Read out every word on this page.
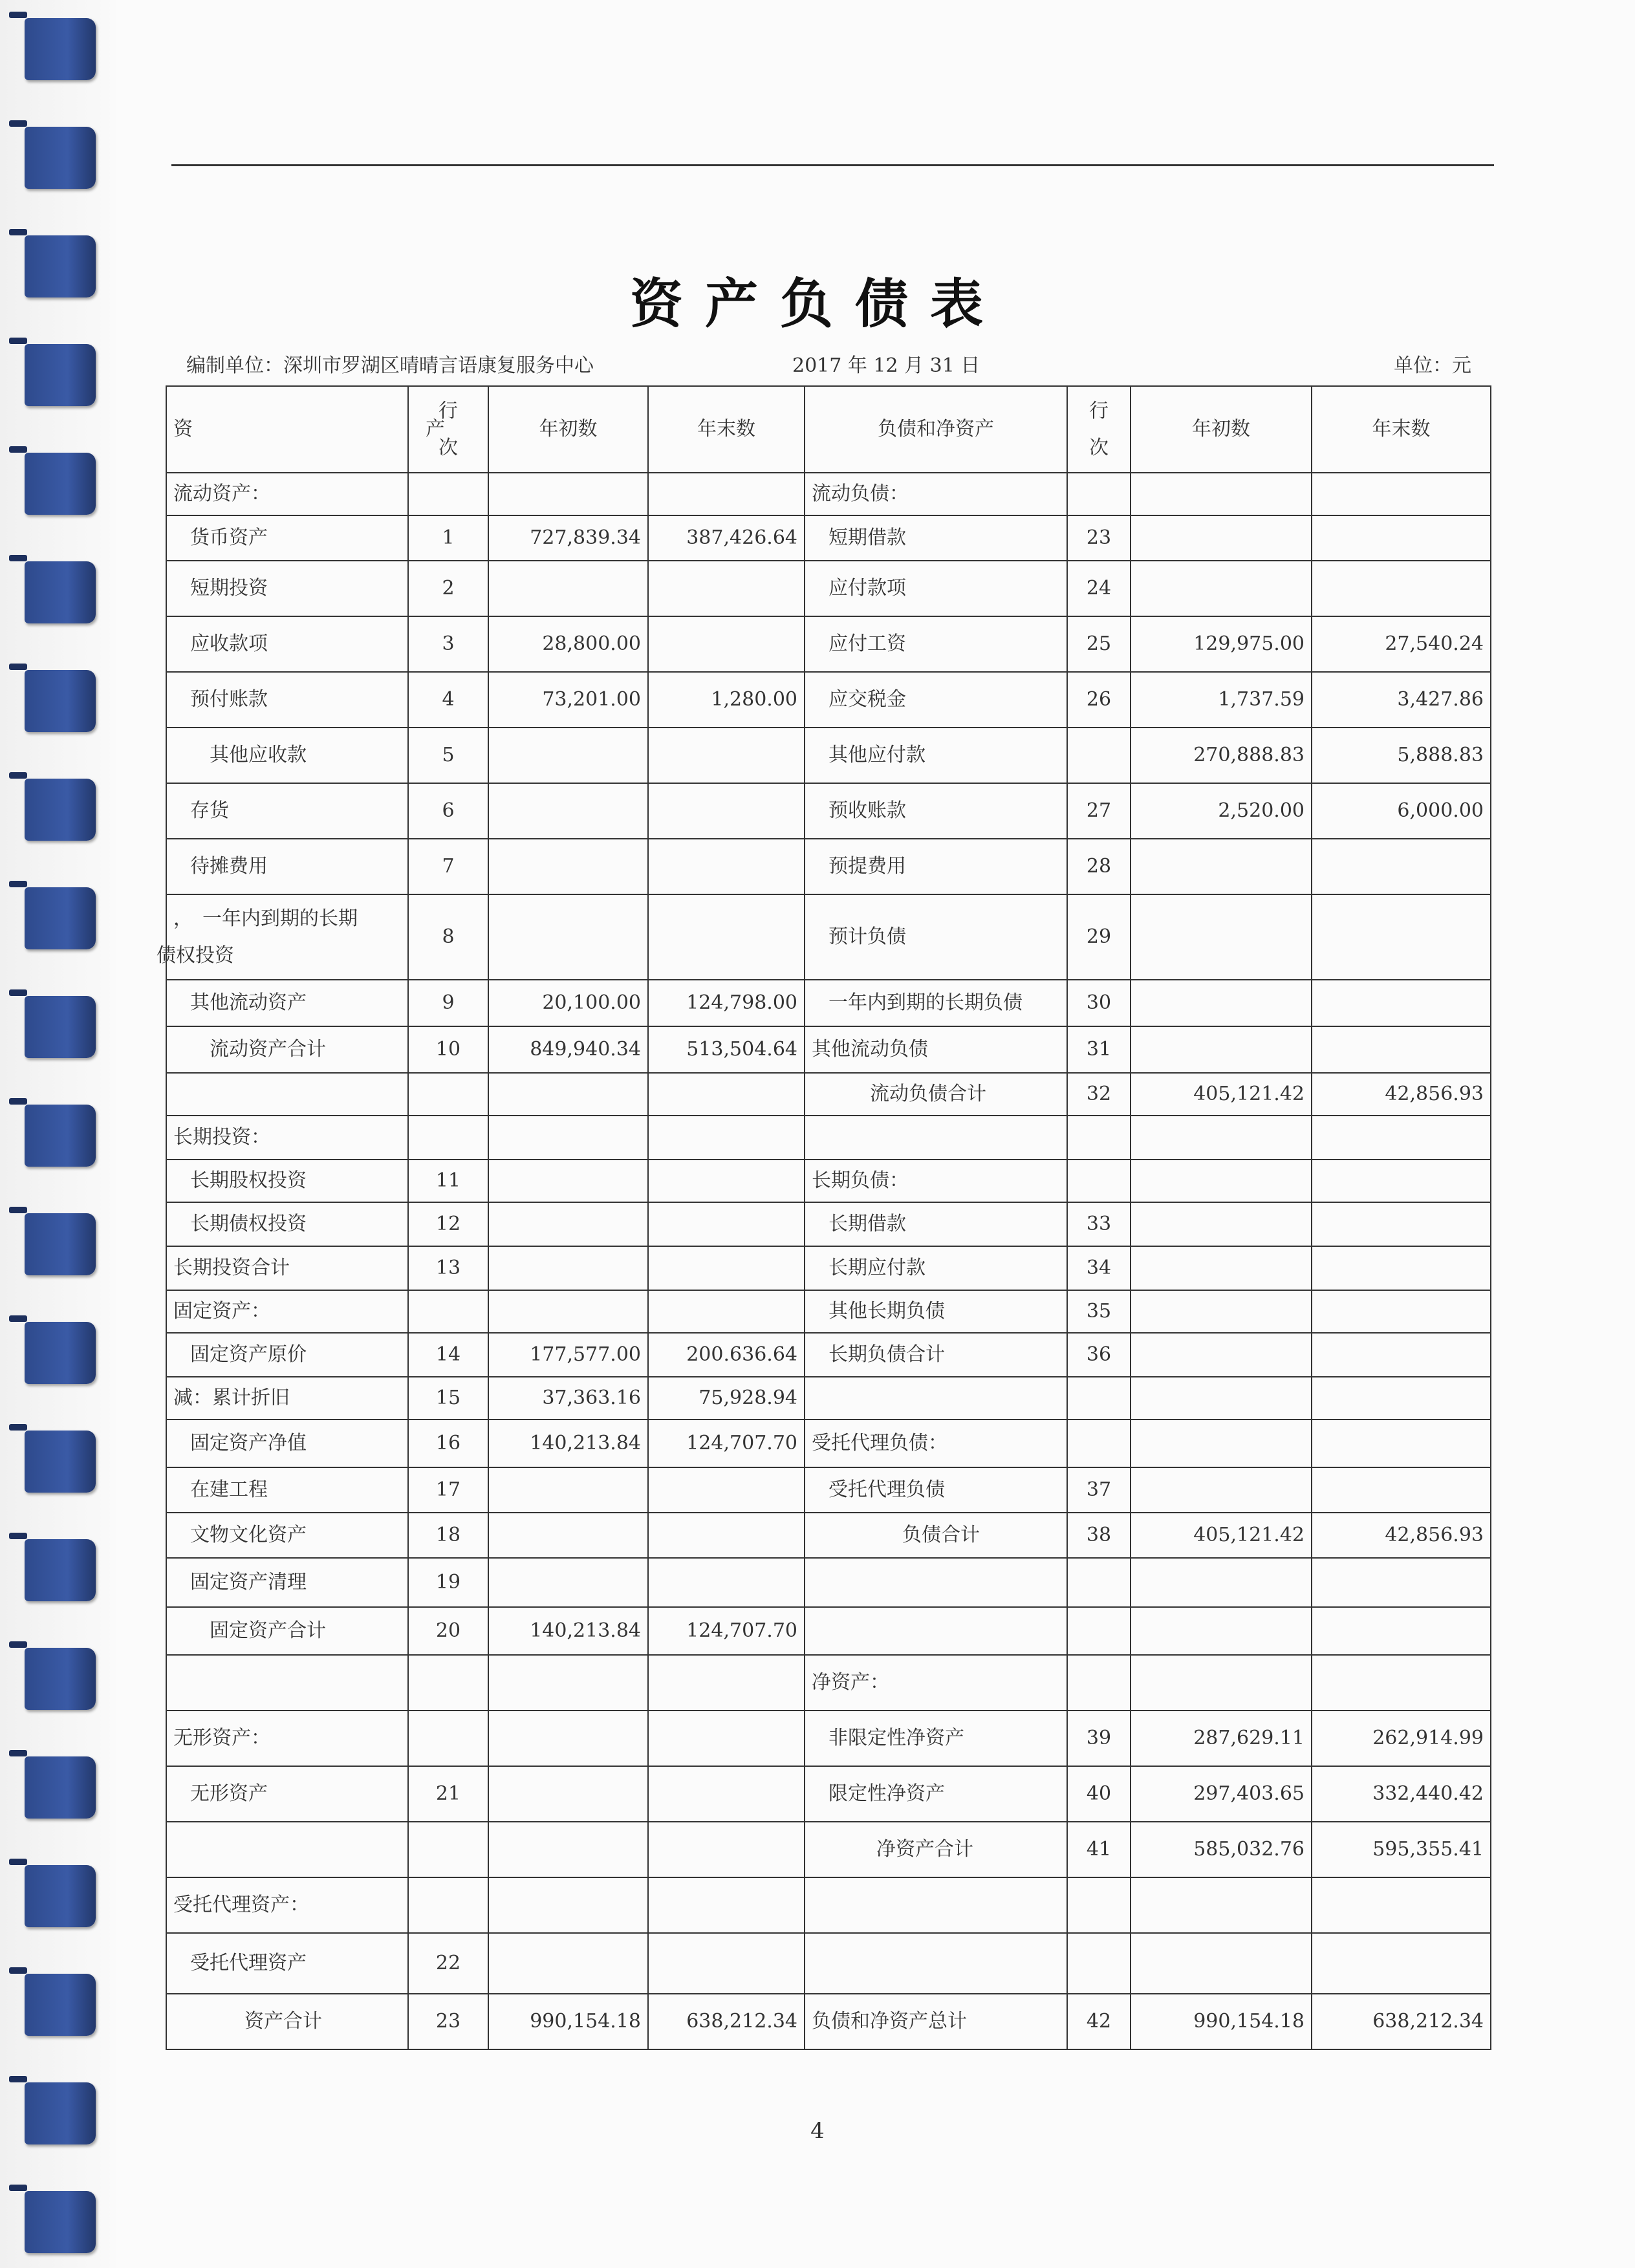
资产负债表
编制单位：深圳市罗湖区晴晴言语康复服务中心	2017 年 12 月 31 日	单位：元
资　　产	行次	年初数	年末数	负债和净资产	行次	年初数	年末数
流动资产：				流动负债：			
货币资产	1	727,839.34	387,426.64	短期借款	23		
短期投资	2			应付款项	24		
应收款项	3	28,800.00		应付工资	25	129,975.00	27,540.24
预付账款	4	73,201.00	1,280.00	应交税金	26	1,737.59	3,427.86
其他应收款	5			其他应付款		270,888.83	5,888.83
存货	6			预收账款	27	2,520.00	6,000.00
待摊费用	7			预提费用	28		

，　一年内到期的长期
债权投资	8			预计负债	29		
其他流动资产	9	20,100.00	124,798.00	一年内到期的长期负债	30		
流动资产合计	10	849,940.34	513,504.64	其他流动负债	31		
				流动负债合计	32	405,121.42	42,856.93
长期投资：							
长期股权投资	11			长期负债：			
长期债权投资	12			长期借款	33		
长期投资合计	13			长期应付款	34		
固定资产：				其他长期负债	35		
固定资产原价	14	177,577.00	200.636.64	长期负债合计	36		
减：累计折旧	15	37,363.16	75,928.94				
固定资产净值	16	140,213.84	124,707.70	受托代理负债：			
在建工程	17			受托代理负债	37		
文物文化资产	18			负债合计	38	405,121.42	42,856.93
固定资产清理	19						
固定资产合计	20	140,213.84	124,707.70				
				净资产：			
无形资产：				非限定性净资产	39	287,629.11	262,914.99
无形资产	21			限定性净资产	40	297,403.65	332,440.42
				净资产合计	41	585,032.76	595,355.41
受托代理资产：							
受托代理资产	22						
资产合计	23	990,154.18	638,212.34	负债和净资产总计	42	990,154.18	638,212.34
4
